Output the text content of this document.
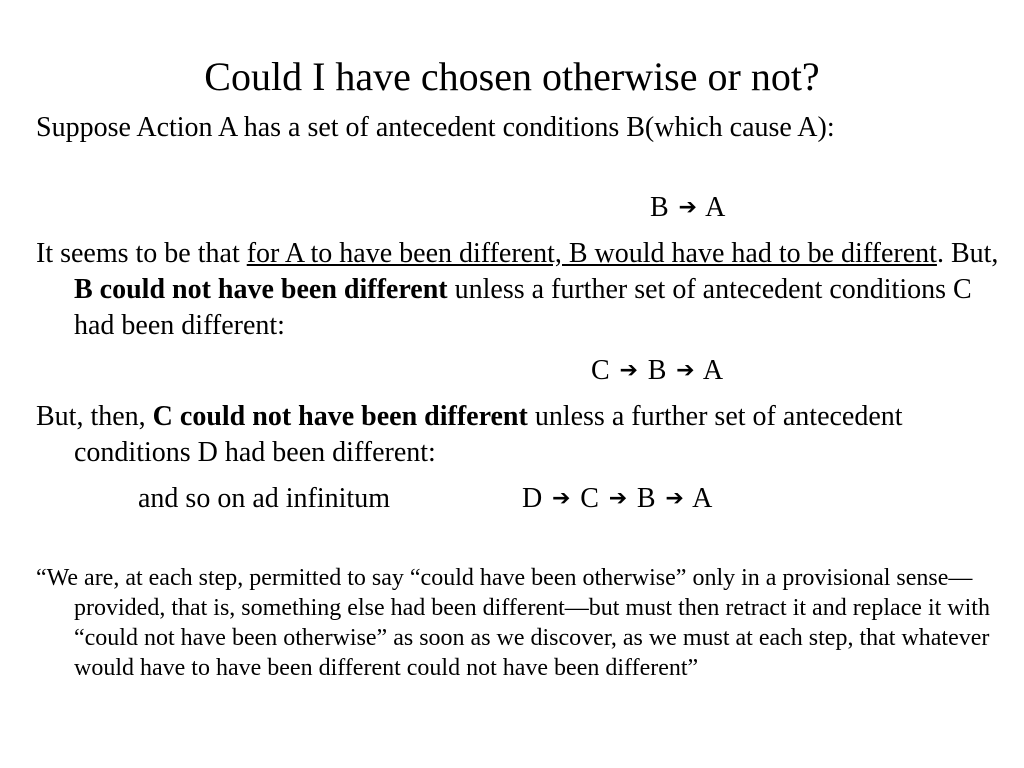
Could I have chosen otherwise or not?
Suppose Action A has a set of antecedent conditions B(which cause A):
B ➔ A
It seems to be that for A to have been different, B would have had to be different. But, B could not have been different unless a further set of antecedent conditions C had been different:
C ➔ B ➔ A
But, then, C could not have been different unless a further set of antecedent conditions D had been different:
and so on ad infinitum	D ➔ C ➔ B ➔ A
“We are, at each step, permitted to say “could have been otherwise” only in a provisional sense—provided, that is, something else had been different—but must then retract it and replace it with “could not have been otherwise” as soon as we discover, as we must at each step, that whatever would have to have been different could not have been different”
